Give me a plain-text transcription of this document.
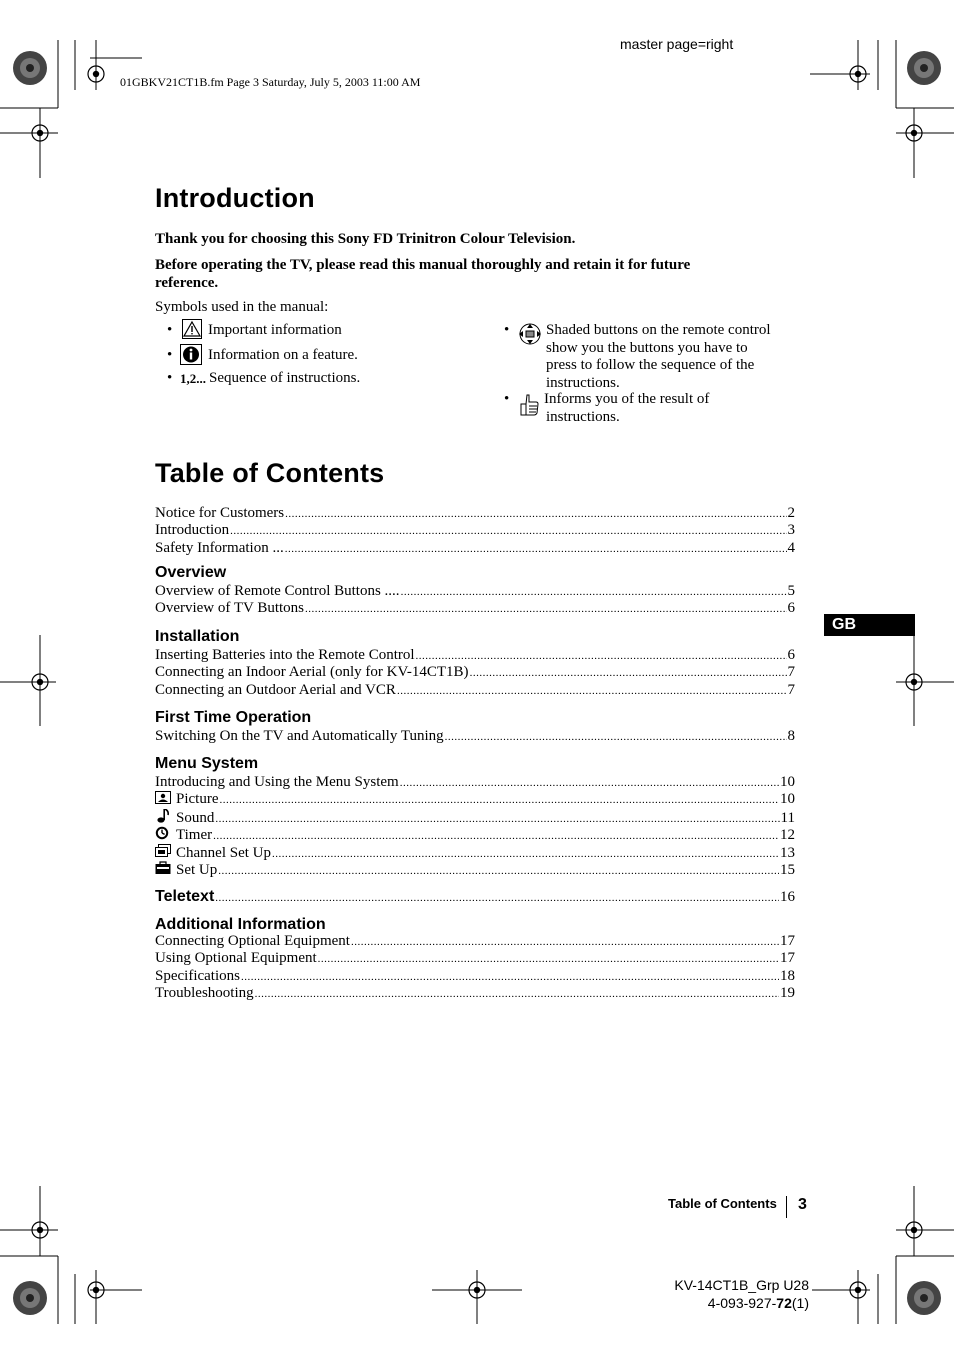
master page=right
01GBKV21CT1B.fm Page 3 Saturday, July 5, 2003 11:00 AM
Introduction
Thank you for choosing this Sony FD Trinitron Colour Television.
Before operating the TV, please read this manual thoroughly and retain it for future
reference.
Symbols used in the manual:
• Important information
• Information on a feature.
• 1,2... Sequence of instructions.
• Shaded buttons on the remote control
show you the buttons you have to
press to follow the sequence of the
instructions.
• Informs you of the result of
instructions.
Table of Contents
Notice for Customers .....	2
Introduction .....	3
Safety Information ... .....	4
Overview
Overview of Remote Control Buttons .... .....	5
Overview of TV Buttons .....	6
Installation
Inserting Batteries into the Remote Control .....	6
Connecting an Indoor Aerial (only for KV-14CT1B) .....	7
Connecting an Outdoor Aerial and VCR .....	7
First Time Operation
Switching On the TV and Automatically Tuning .....	8
Menu System
Introducing and Using the Menu System .....	10
Picture .....	10
Sound .....	11
Timer .....	12
Channel Set Up .....	13
Set Up .....	15
Teletext .....	16
Additional Information
Connecting Optional Equipment .....	17
Using Optional Equipment .....	17
Specifications .....	18
Troubleshooting .....	19
GB
Table of Contents 3
KV-14CT1B_Grp U28
4-093-927-72(1)
